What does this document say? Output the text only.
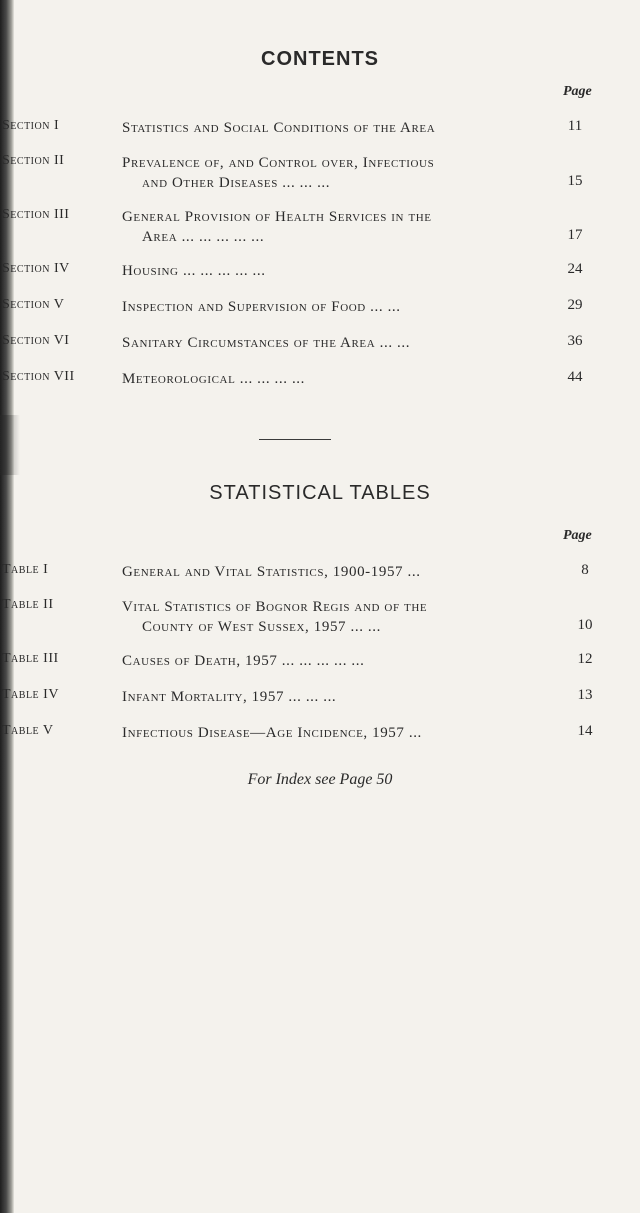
CONTENTS
Page
Section I	Statistics and Social Conditions of the Area	11
Section II	Prevalence of, and Control over, Infectious
and Other Diseases ... ... ...	15
Section III	General Provision of Health Services in the
Area ... ... ... ... ...	17
Section IV	Housing ... ... ... ... ...	24
Section V	Inspection and Supervision of Food ... ...	29
Section VI	Sanitary Circumstances of the Area ... ...	36
Section VII	Meteorological ... ... ... ...	44
STATISTICAL TABLES
Page
Table I	General and Vital Statistics, 1900-1957 ...	8
Table II	Vital Statistics of Bognor Regis and of the
County of West Sussex, 1957 ... ...	10
Table III	Causes of Death, 1957 ... ... ... ... ...	12
Table IV	Infant Mortality, 1957 ... ... ...	13
Table V	Infectious Disease—Age Incidence, 1957 ...	14

For Index see Page 50
